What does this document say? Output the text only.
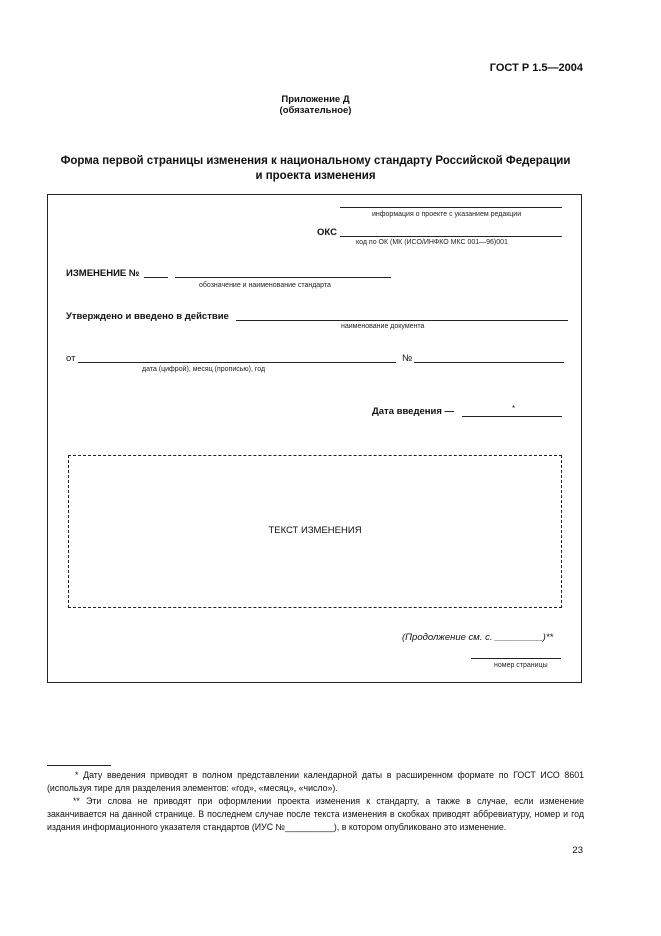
ГОСТ Р 1.5—2004
Приложение Д
(обязательное)
Форма первой страницы изменения к национальному стандарту Российской Федерации
и проекта изменения
информация о проекте с указанием редакции
ОКС
код по ОК (МК (ИСО/ИНФКО МКС 001—96)001
ИЗМЕНЕНИЕ №
обозначение и наименование стандарта
Утверждено и введено в действие
наименование документа
от
дата (цифрой), месяц (прописью), год
№
Дата введения —	*
ТЕКСТ ИЗМЕНЕНИЯ
(Продолжение см. с. _________)**
номер страницы
* Дату введения приводят в полном представлении календарной даты в расширенном формате по ГОСТ ИСО 8601 (используя тире для разделения элементов: «год», «месяц», «число»).
** Эти слова не приводят при оформлении проекта изменения к стандарту, а также в случае, если изменение заканчивается на данной странице. В последнем случае после текста изменения в скобках приводят аббревиатуру, номер и год издания информационного указателя стандартов (ИУС №__________), в котором опубликовано это изменение.
23
